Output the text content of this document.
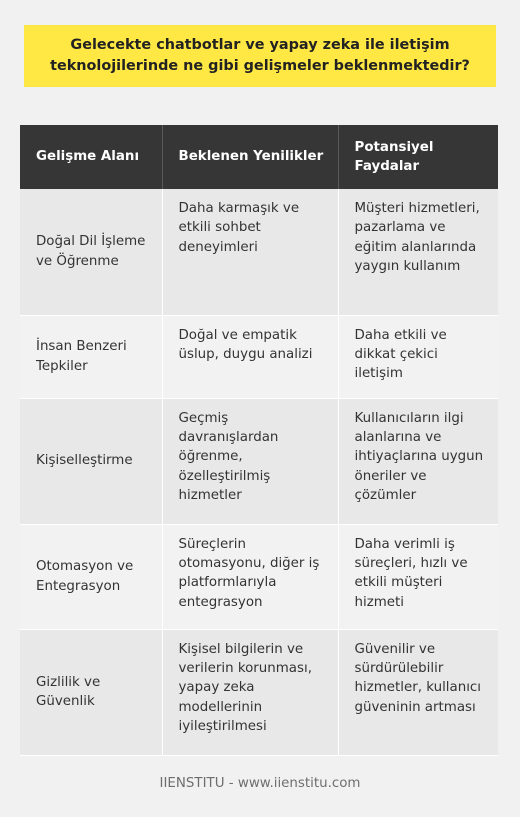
Gelecekte chatbotlar ve yapay zeka ile iletişim teknolojilerinde ne gibi gelişmeler beklenmektedir?
Gelişme Alanı	Beklenen Yenilikler	Potansiyel Faydalar
Doğal Dil İşleme ve Öğrenme	Daha karmaşık ve etkili sohbet deneyimleri	Müşteri hizmetleri, pazarlama ve eğitim alanlarında yaygın kullanım
İnsan Benzeri Tepkiler	Doğal ve empatik üslup, duygu analizi	Daha etkili ve dikkat çekici iletişim
Kişiselleştirme	Geçmiş davranışlardan öğrenme, özelleştirilmiş hizmetler	Kullanıcıların ilgi alanlarına ve ihtiyaçlarına uygun öneriler ve çözümler
Otomasyon ve Entegrasyon	Süreçlerin otomasyonu, diğer iş platformlarıyla entegrasyon	Daha verimli iş süreçleri, hızlı ve etkili müşteri hizmeti
Gizlilik ve Güvenlik	Kişisel bilgilerin ve verilerin korunması, yapay zeka modellerinin iyileştirilmesi	Güvenilir ve sürdürülebilir hizmetler, kullanıcı güveninin artması
IIENSTITU - www.iienstitu.com
